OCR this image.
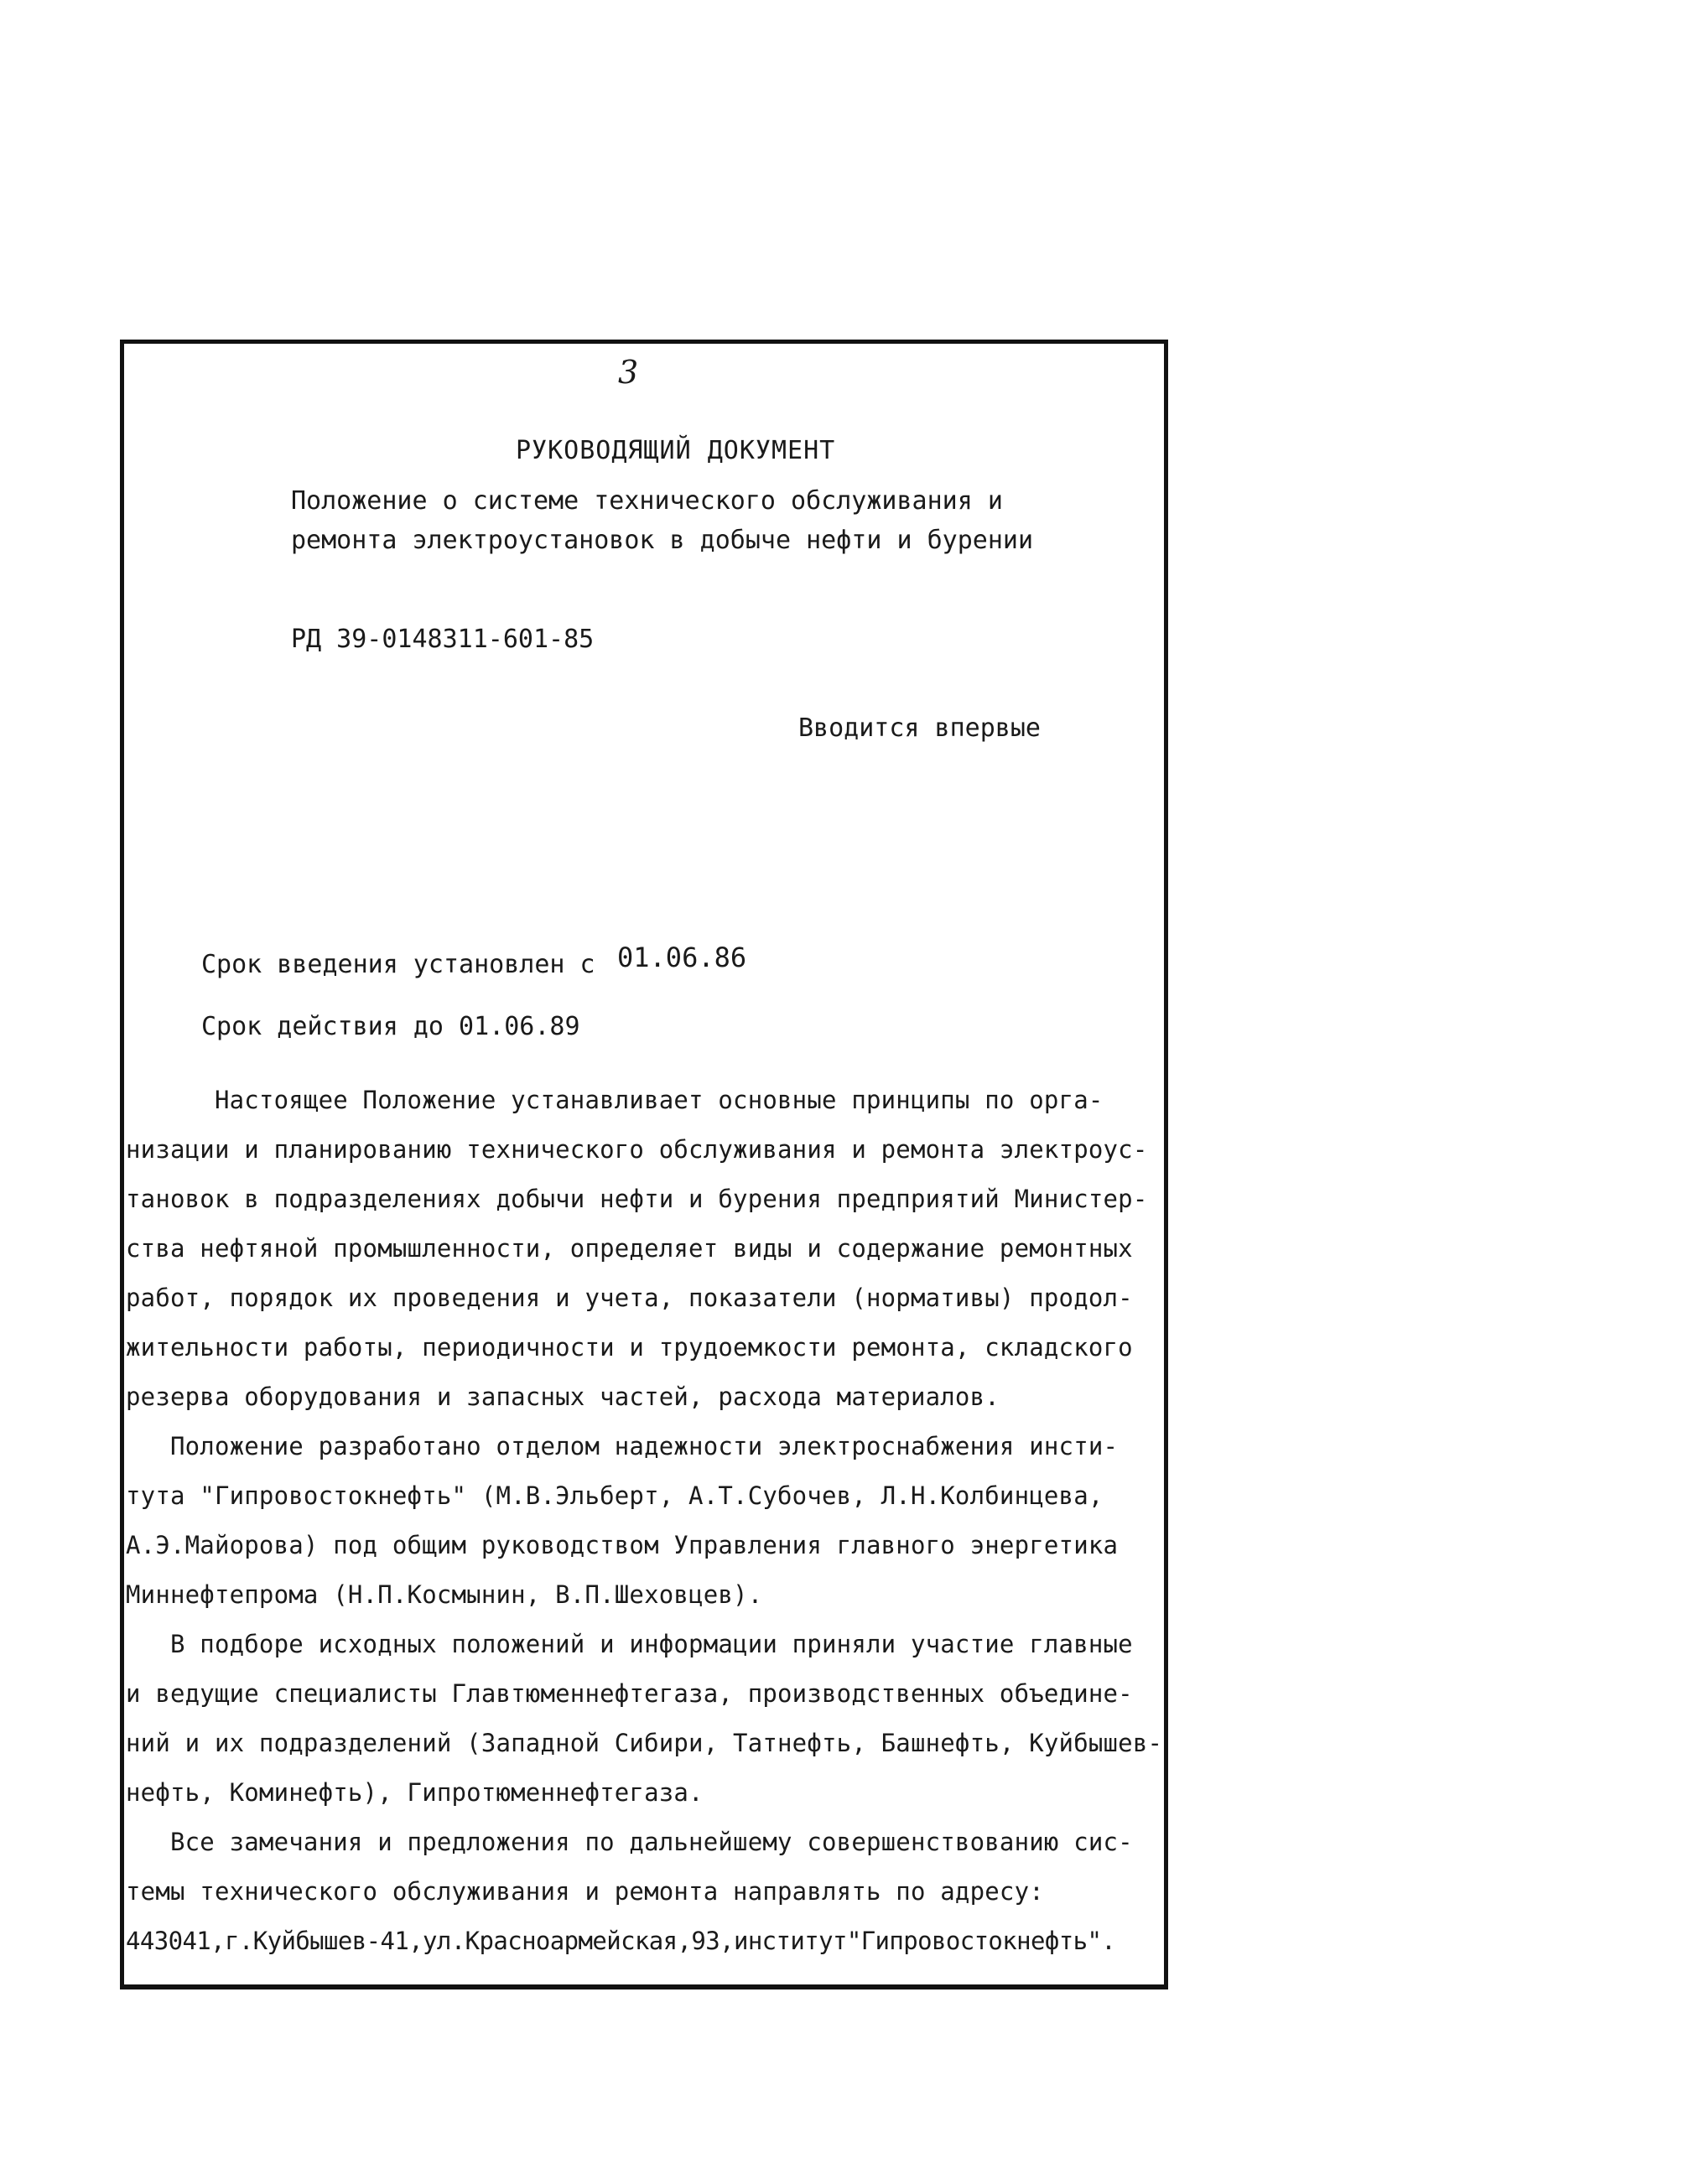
3
РУКОВОДЯЩИЙ ДОКУМЕНТ
Положение о системе технического обслуживания и
ремонта электроустановок в добыче нефти и бурении
РД 39-0148311-601-85
Вводится впервые
Срок введения установлен с 01.06.86
Срок действия до 01.06.89
Настоящее Положение устанавливает основные принципы по орга-
низации и планированию технического обслуживания и ремонта электроус-
тановок в подразделениях добычи нефти и бурения предприятий Министер-
ства нефтяной промышленности, определяет виды и содержание ремонтных
работ, порядок их проведения и учета, показатели (нормативы) продол-
жительности работы, периодичности и трудоемкости ремонта, складского
резерва оборудования и запасных частей, расхода материалов.
Положение разработано отделом надежности электроснабжения инсти-
тута "Гипровостокнефть" (М.В.Эльберт, А.Т.Субочев, Л.Н.Колбинцева,
А.Э.Майорова) под общим руководством Управления главного энергетика
Миннефтепрома (Н.П.Космынин, В.П.Шеховцев).
В подборе исходных положений и информации приняли участие главные
и ведущие специалисты Главтюменнефтегаза, производственных объедине-
ний и их подразделений (Западной Сибири, Татнефть, Башнефть, Куйбышев-
нефть, Коминефть), Гипротюменнефтегаза.
Все замечания и предложения по дальнейшему совершенствованию сис-
темы технического обслуживания и ремонта направлять по адресу:
443041,г.Куйбышев-41,ул.Красноармейская,93,институт"Гипровостокнефть".
